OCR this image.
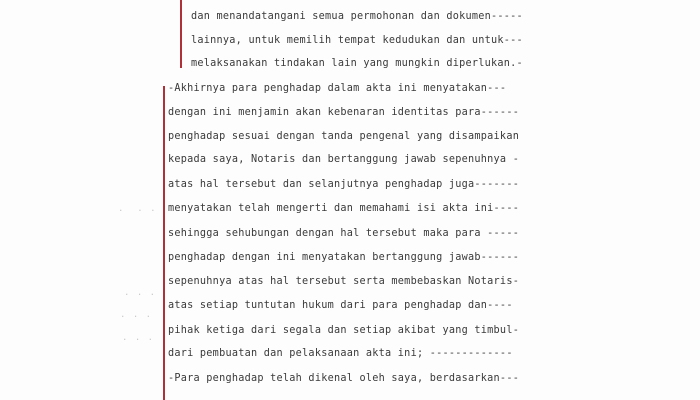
.  . .
. . .
. . .
. . .
dan menandatangani semua permohonan dan dokumen-----
lainnya, untuk memilih tempat kedudukan dan untuk---
melaksanakan tindakan lain yang mungkin diperlukan.-
-Akhirnya para penghadap dalam akta ini menyatakan---
dengan ini menjamin akan kebenaran identitas para------
penghadap sesuai dengan tanda pengenal yang disampaikan
kepada saya, Notaris dan bertanggung jawab sepenuhnya -
atas hal tersebut dan selanjutnya penghadap juga-------
menyatakan telah mengerti dan memahami isi akta ini----
sehingga sehubungan dengan hal tersebut maka para -----
penghadap dengan ini menyatakan bertanggung jawab------
sepenuhnya atas hal tersebut serta membebaskan Notaris-
atas setiap tuntutan hukum dari para penghadap dan----
pihak ketiga dari segala dan setiap akibat yang timbul-
dari pembuatan dan pelaksanaan akta ini; -------------
-Para penghadap telah dikenal oleh saya, berdasarkan---
